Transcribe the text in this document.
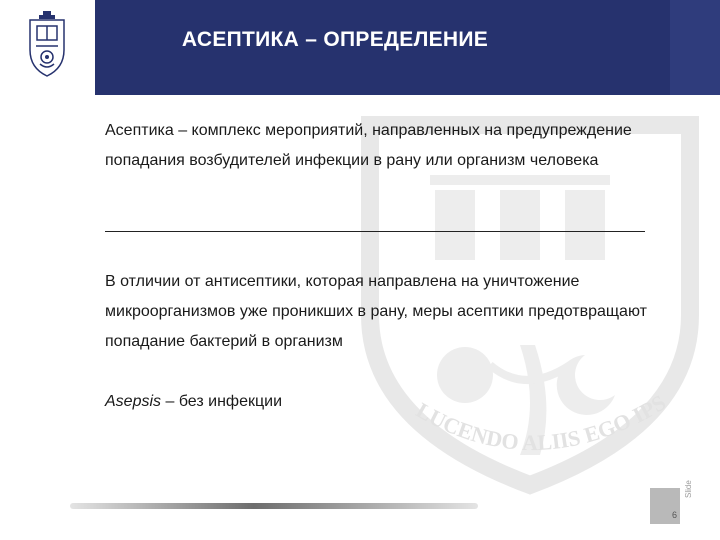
АСЕПТИКА – ОПРЕДЕЛЕНИЕ
LUCENDO ALIIS EGO IPS
Асептика – комплекс мероприятий, направленных на предупреждение попадания возбудителей инфекции в рану или организм человека
В отличии от антисептики, которая направлена на уничтожение микроорганизмов уже проникших в рану, меры асептики предотвращают попадание бактерий в организм
Asepsis – без инфекции
6
Slide
